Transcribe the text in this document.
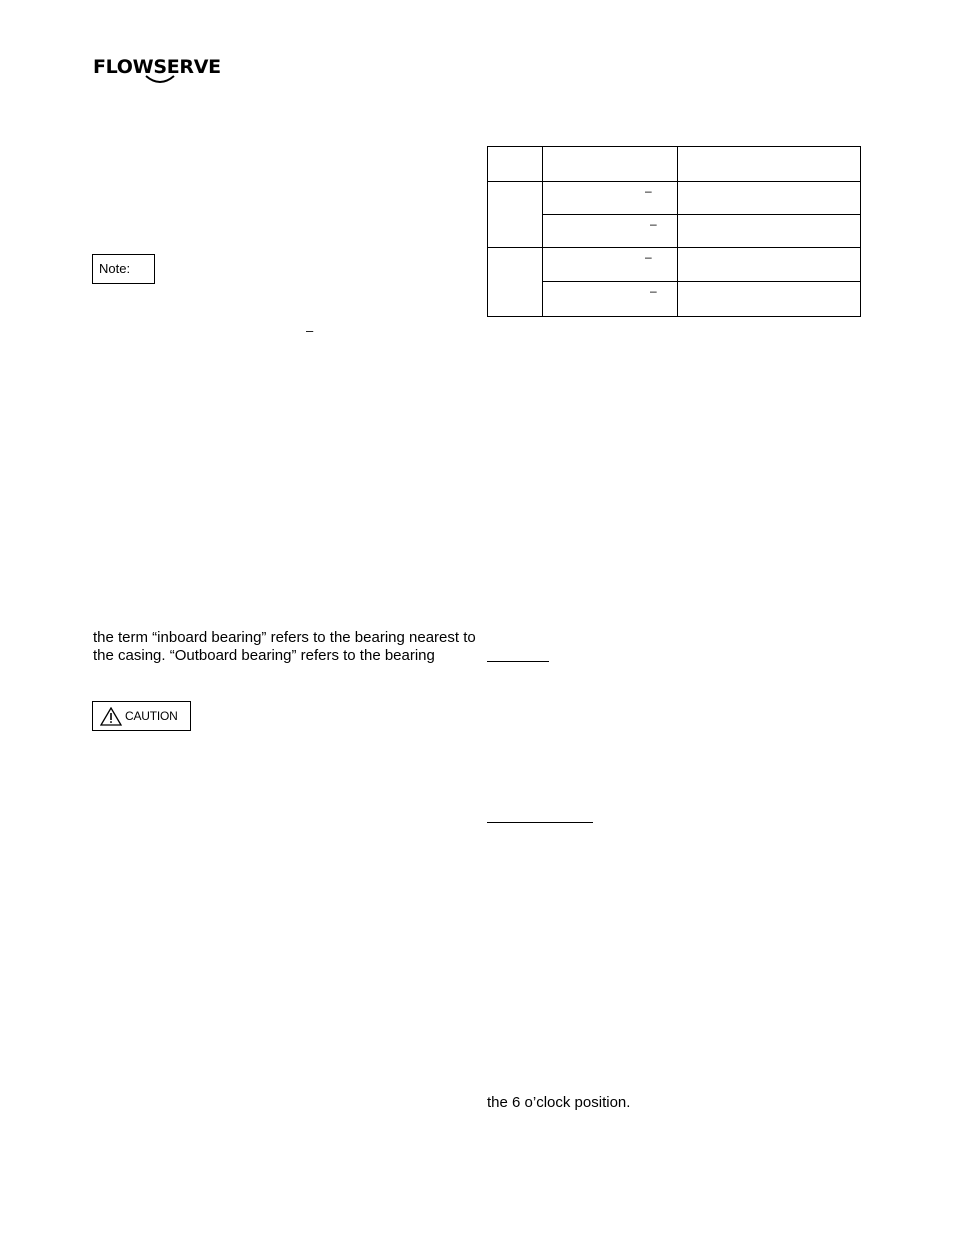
FLOWSERVE
Note:
–
the term “inboard bearing” refers to the bearing nearest to
the casing. “Outboard bearing” refers to the bearing
CAUTION

	–	

	–	

	–	

	–	

the 6 o’clock position.
